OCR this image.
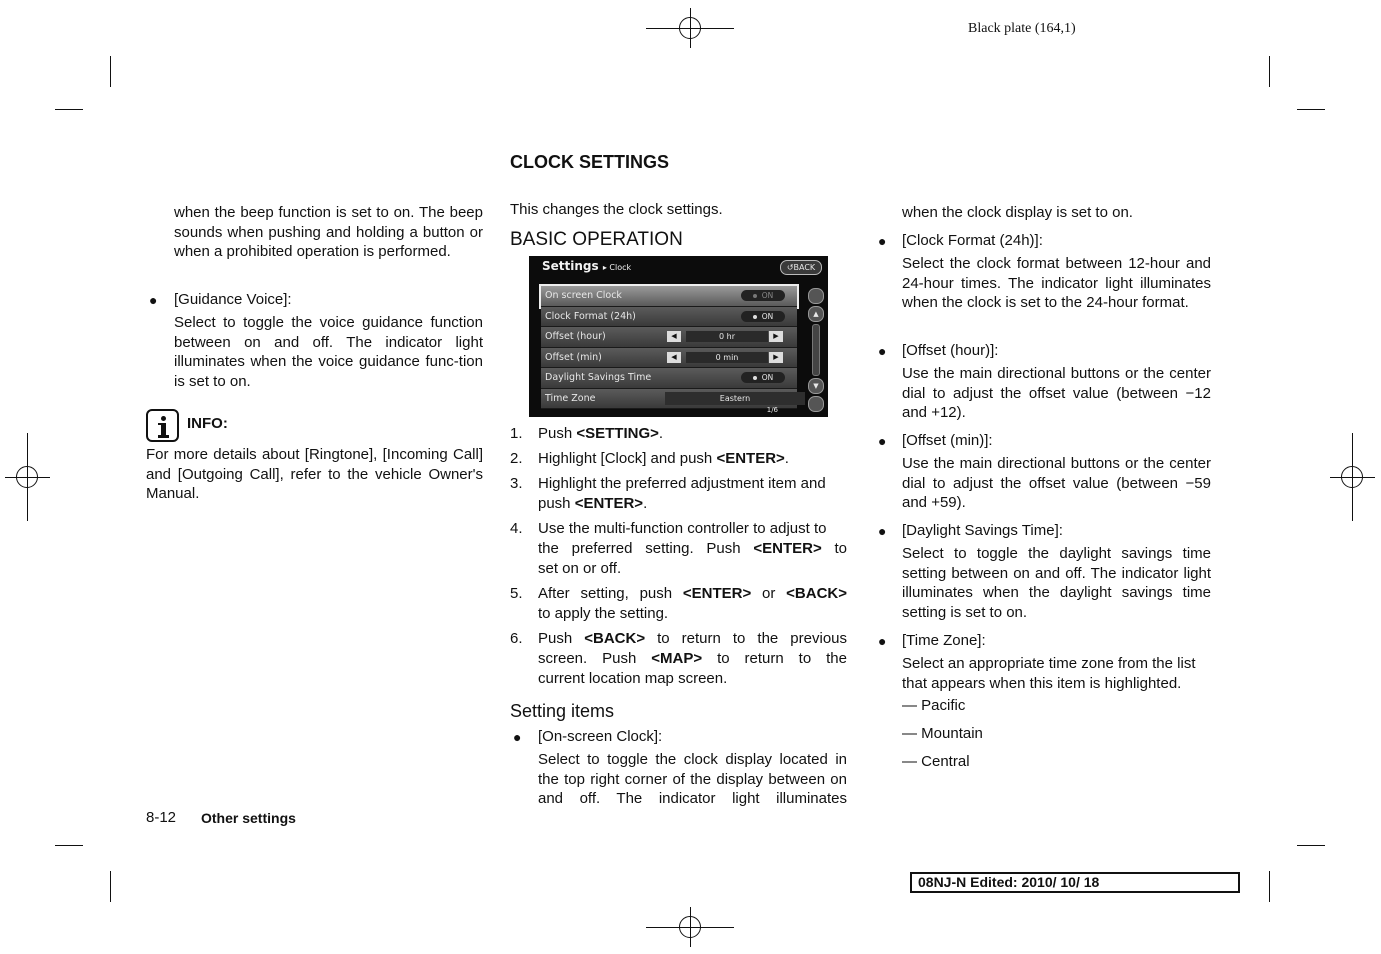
Black plate (164,1)
when the beep function is set to on. The beep sounds when pushing and holding a button or when a prohibited operation is performed.
● [Guidance Voice]:
Select to toggle the voice guidance function between on and off. The indicator light illuminates when the voice guidance func-tion is set to on.
INFO:
For more details about [Ringtone], [Incoming Call] and [Outgoing Call], refer to the vehicle Owner's Manual.
CLOCK SETTINGS
This changes the clock settings.
BASIC OPERATION
Settings ▸ Clock	↺BACK
On screen Clock	ON
Clock Format (24h)	ON
Offset (hour)	◀	0 hr	▶
Offset (min)	◀	0 min	▶
Daylight Savings Time	ON
Time Zone	Eastern
▲
▼
1/6
1.	Push <SETTING>.
2.	Highlight [Clock] and push <ENTER>.
3.	Highlight the preferred adjustment item and
push <ENTER>.
4.	Use the multi-function controller to adjust to
the preferred setting. Push <ENTER> to
set on or off.
5.	After setting, push <ENTER> or <BACK>
to apply the setting.
6.	Push <BACK> to return to the previous
screen. Push <MAP> to return to the
current location map screen.
Setting items
● [On-screen Clock]:
Select to toggle the clock display located in the top right corner of the display between on and off. The indicator light illuminates
when the clock display is set to on.
● [Clock Format (24h)]:
Select the clock format between 12-hour and 24-hour times. The indicator light illuminates when the clock is set to the 24-hour format.
● [Offset (hour)]:
Use the main directional buttons or the center dial to adjust the offset value (between −12 and +12).
● [Offset (min)]:
Use the main directional buttons or the center dial to adjust the offset value (between −59 and +59).
● [Daylight Savings Time]:
Select to toggle the daylight savings time setting between on and off. The indicator light illuminates when the daylight savings time setting is set to on.
● [Time Zone]:
Select an appropriate time zone from the list that appears when this item is highlighted.
— Pacific
— Mountain
— Central
8-12 Other settings
08NJ-N Edited: 2010/ 10/ 18
